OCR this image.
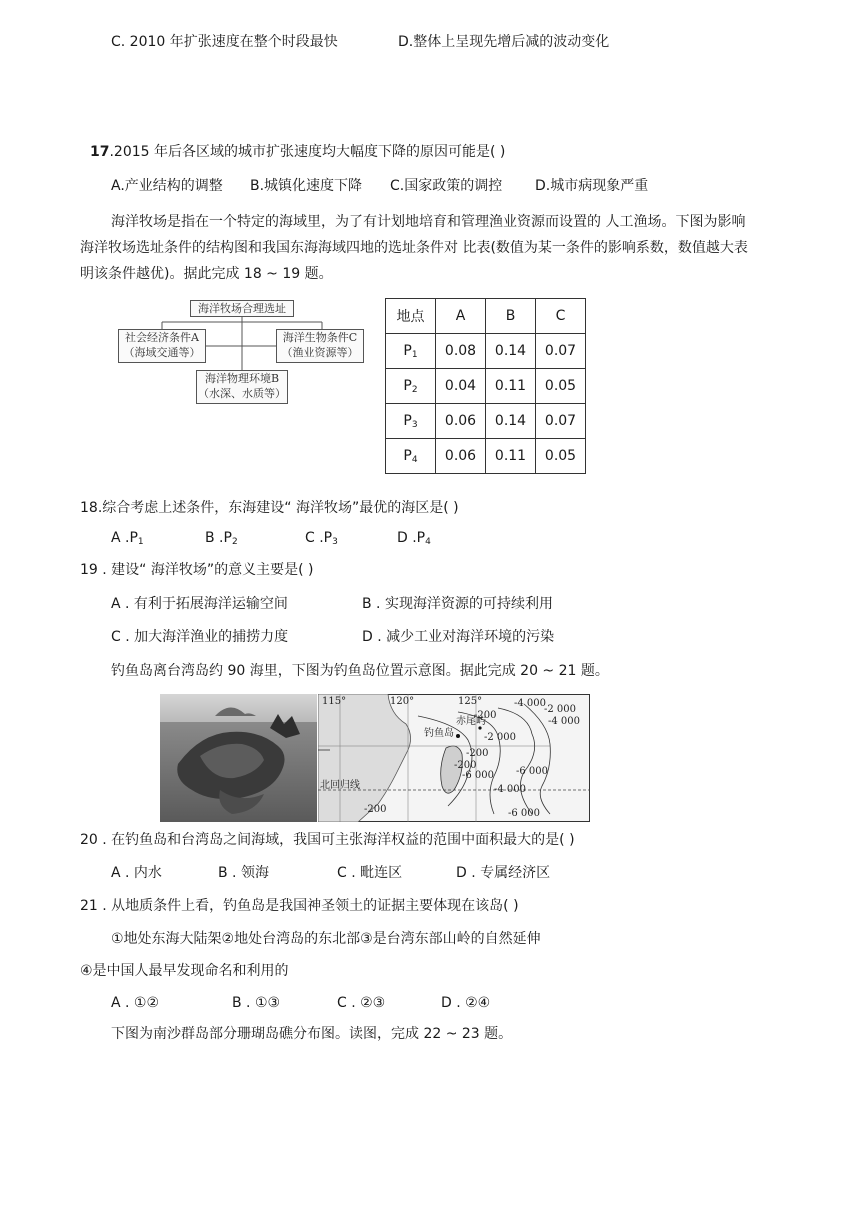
C. 2010 年扩张速度在整个时段最快	D.整体上呈现先增后减的波动变化
17.2015 年后各区域的城市扩张速度均大幅度下降的原因可能是( )
A.产业结构的调整 B.城镇化速度下降 C.国家政策的调控 D.城市病现象严重
海洋牧场是指在一个特定的海域里，为了有计划地培育和管理渔业资源而设置的 人工渔场。下图为影响
海洋牧场选址条件的结构图和我国东海海域四地的选址条件对 比表(数值为某一条件的影响系数，数值越大表
明该条件越优)。据此完成 18 ~ 19 题。
海洋牧场合理选址
社会经济条件A
（海域交通等）
海洋生物条件C
（渔业资源等）
海洋物理环境B
（水深、水质等）
地点	A	B	C
$P_1$	0.08	0.14	0.07
$P_2$	0.04	0.11	0.05
$P_3$	0.06	0.14	0.07
$P_4$	0.06	0.11	0.05
18.综合考虑上述条件，东海建设“ 海洋牧场”最优的海区是( )
A $.P_1$	B $.P_2$	C $.P_3$	D $.P_4$
19 . 建设“ 海洋牧场”的意义主要是( )
A . 有利于拓展海洋运输空间	B . 实现海洋资源的可持续利用
C . 加大海洋渔业的捕捞力度	D . 减少工业对海洋环境的污染
钓鱼岛离台湾岛约 90 海里，下图为钓鱼岛位置示意图。据此完成 20 ~ 21 题。
115°	120°	125°
钓鱼岛
赤尾屿
北回归线
-200
-200
-200
-200
-2 000
-2 000
-4 000
-4 000
-4 000
-6 000 -6 000
-6 000
20 . 在钓鱼岛和台湾岛之间海域，我国可主张海洋权益的范围中面积最大的是( )
A . 内水	B . 领海	C . 毗连区	D . 专属经济区
21 . 从地质条件上看，钓鱼岛是我国神圣领土的证据主要体现在该岛( )
①地处东海大陆架②地处台湾岛的东北部③是台湾东部山岭的自然延伸
④是中国人最早发现命名和利用的
A . ①②	B . ①③	C . ②③	D . ②④
下图为南沙群岛部分珊瑚岛礁分布图。读图，完成 22 ~ 23 题。
